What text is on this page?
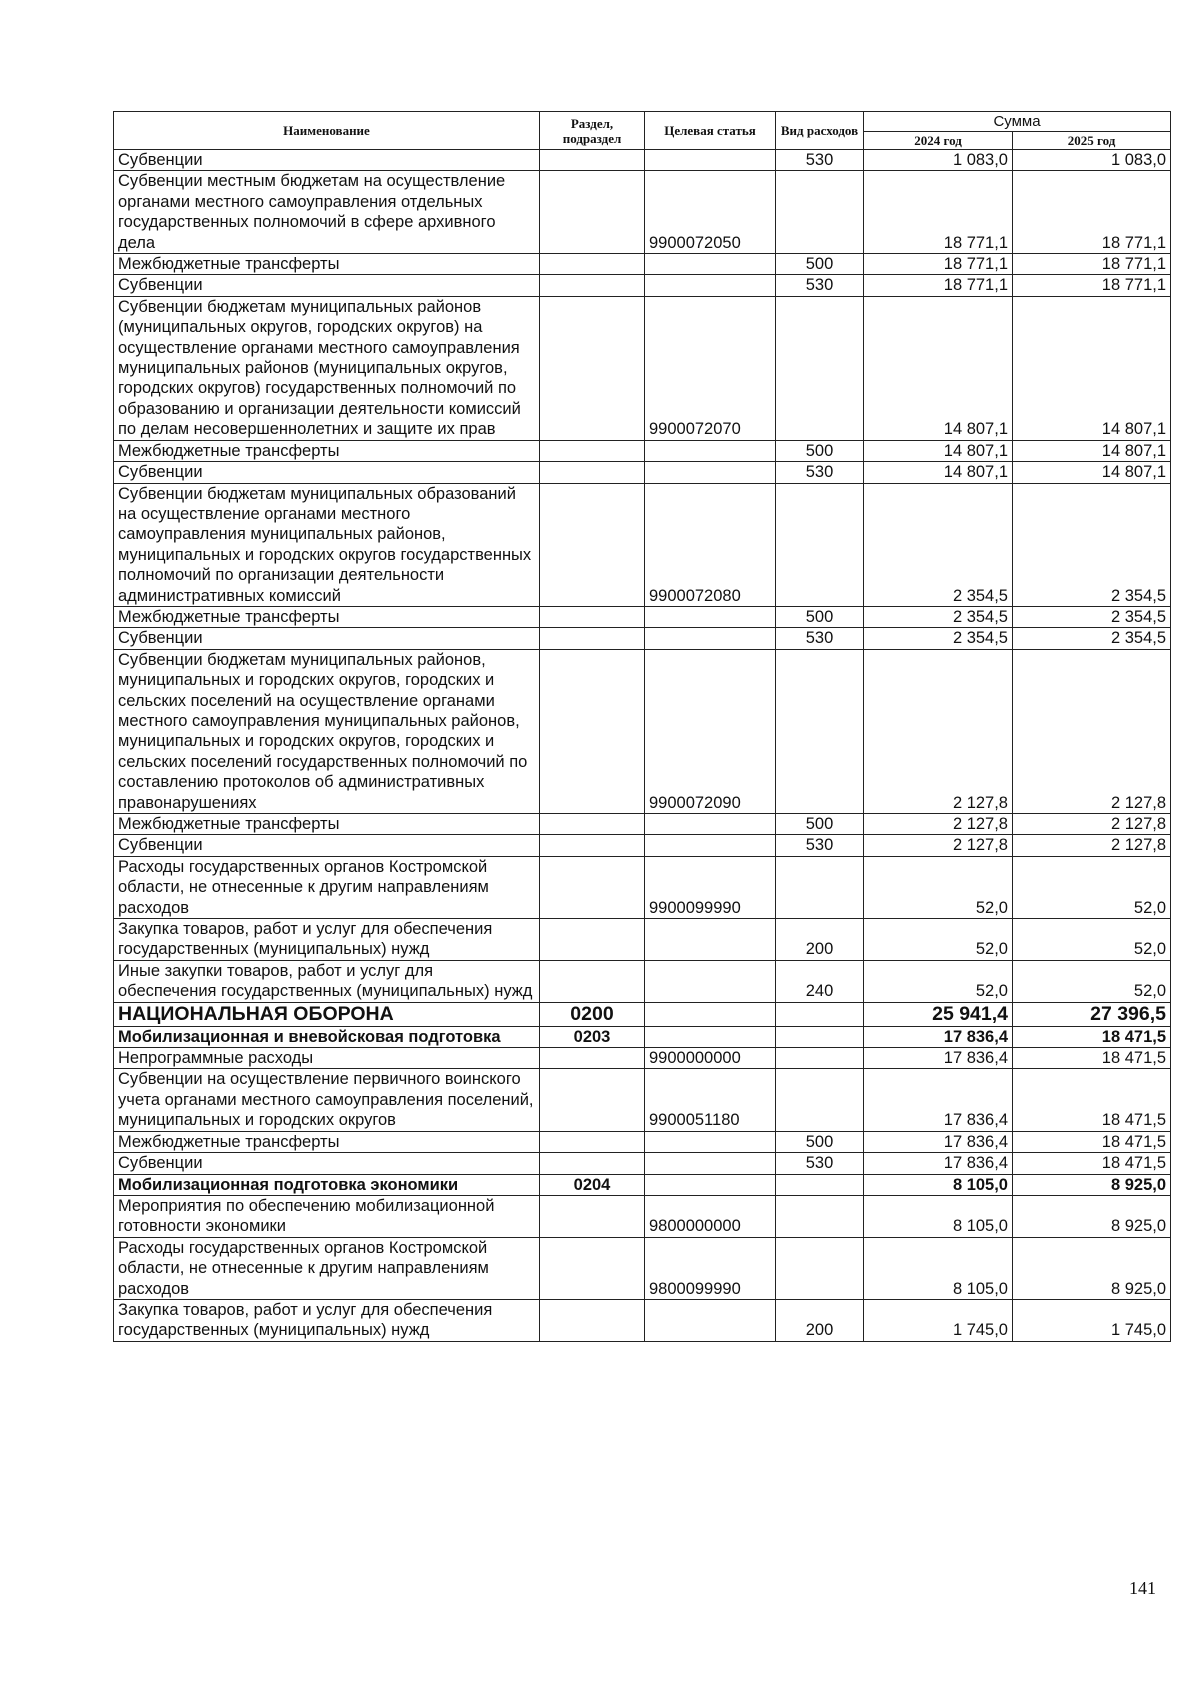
Наименование	Раздел, подраздел	Целевая статья	Вид расходов	Сумма	
				2024 год	2025 год
Субвенции			530	1 083,0	1 083,0
Субвенции местным бюджетам на осуществление органами местного самоуправления отдельных государственных полномочий в сфере архивного дела		9900072050		18 771,1	18 771,1
Межбюджетные трансферты			500	18 771,1	18 771,1
Субвенции			530	18 771,1	18 771,1
Субвенции бюджетам муниципальных районов (муниципальных округов, городских округов) на осуществление органами местного самоуправления муниципальных районов (муниципальных округов, городских округов) государственных полномочий по образованию и организации деятельности комиссий по делам несовершеннолетних и защите их прав		9900072070		14 807,1	14 807,1
Межбюджетные трансферты			500	14 807,1	14 807,1
Субвенции			530	14 807,1	14 807,1
Субвенции бюджетам муниципальных образований на осуществление органами местного самоуправления муниципальных районов, муниципальных и городских округов государственных полномочий по организации деятельности административных комиссий		9900072080		2 354,5	2 354,5
Межбюджетные трансферты			500	2 354,5	2 354,5
Субвенции			530	2 354,5	2 354,5
Субвенции бюджетам муниципальных районов, муниципальных и городских округов, городских и сельских поселений на осуществление органами местного самоуправления муниципальных районов, муниципальных и городских округов, городских и сельских поселений государственных полномочий по составлению протоколов об административных правонарушениях		9900072090		2 127,8	2 127,8
Межбюджетные трансферты			500	2 127,8	2 127,8
Субвенции			530	2 127,8	2 127,8
Расходы государственных органов Костромской области, не отнесенные к другим направлениям расходов		9900099990		52,0	52,0
Закупка товаров, работ и услуг для обеспечения государственных (муниципальных) нужд			200	52,0	52,0
Иные закупки товаров, работ и услуг для обеспечения государственных (муниципальных) нужд			240	52,0	52,0
НАЦИОНАЛЬНАЯ ОБОРОНА	0200			25 941,4	27 396,5
Мобилизационная и вневойсковая подготовка	0203			17 836,4	18 471,5
Непрограммные расходы		9900000000		17 836,4	18 471,5
Субвенции на осуществление первичного воинского учета органами местного самоуправления поселений, муниципальных и городских округов		9900051180		17 836,4	18 471,5
Межбюджетные трансферты			500	17 836,4	18 471,5
Субвенции			530	17 836,4	18 471,5
Мобилизационная подготовка экономики	0204			8 105,0	8 925,0
Мероприятия по обеспечению мобилизационной готовности экономики		9800000000		8 105,0	8 925,0
Расходы государственных органов Костромской области, не отнесенные к другим направлениям расходов		9800099990		8 105,0	8 925,0
Закупка товаров, работ и услуг для обеспечения государственных (муниципальных) нужд			200	1 745,0	1 745,0
141
